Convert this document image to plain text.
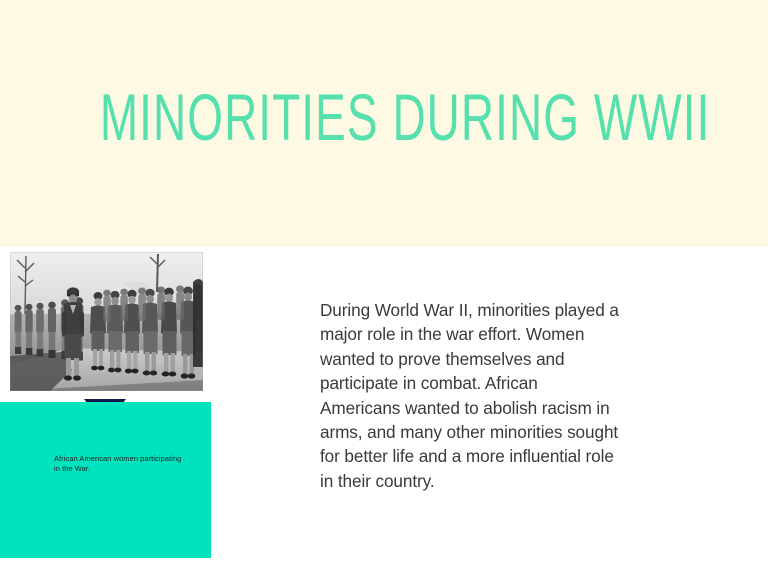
MINORITIES DURING WWII
African American women participating in the War.
During World War II, minorities played a major role in the war effort. Women wanted to prove themselves and participate in combat. African Americans wanted to abolish racism in arms, and many other minorities sought for better life and a more influential role in their country.
